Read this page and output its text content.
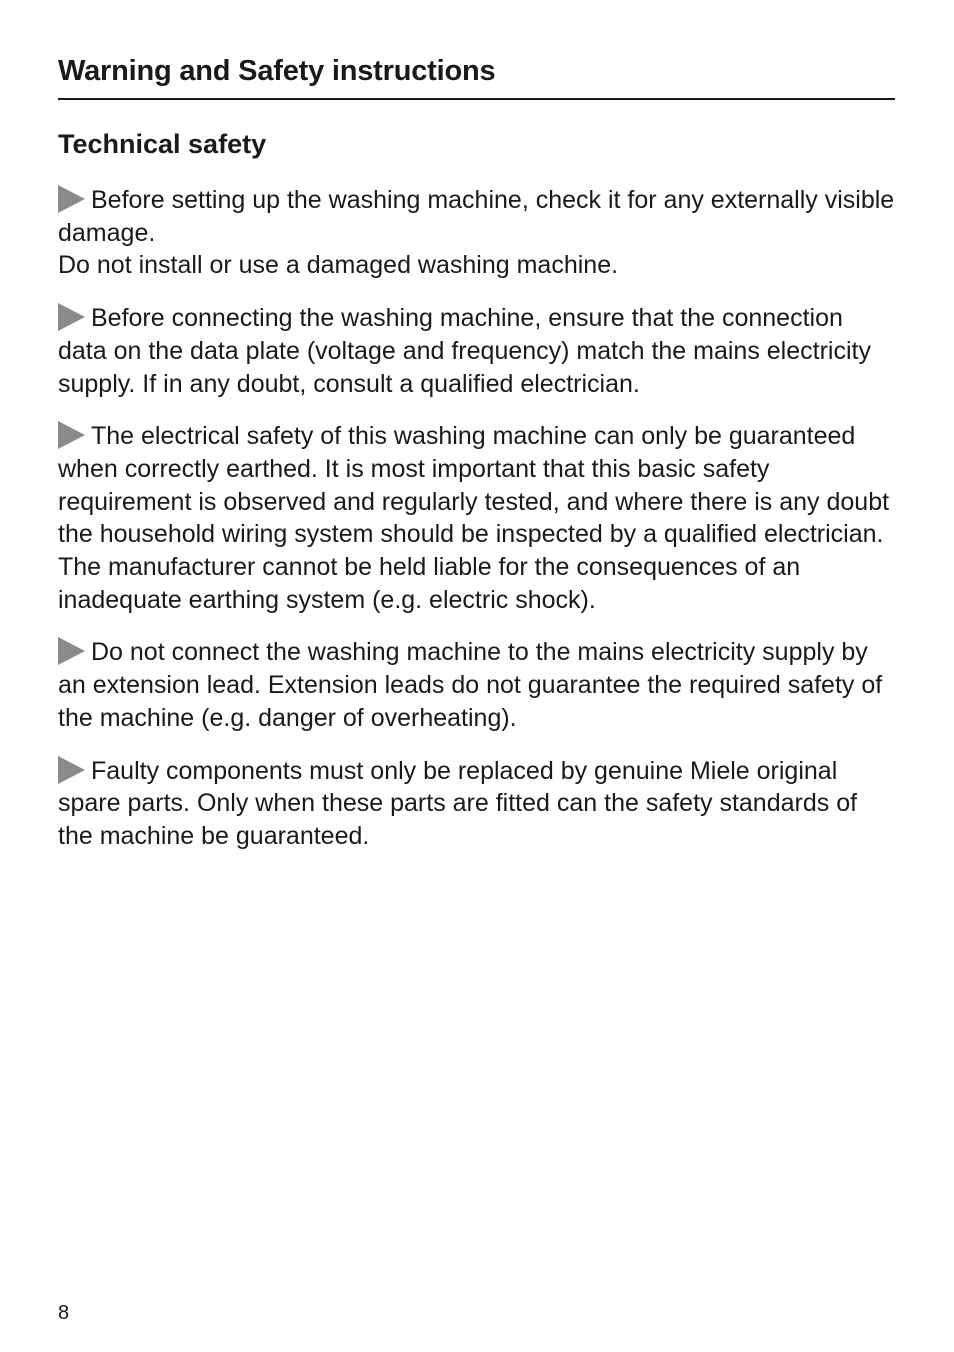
Warning and Safety instructions
Technical safety

Before setting up the washing machine, check it for any externally visible damage.

Do not install or use a damaged washing machine.

Before connecting the washing machine, ensure that the connection data on the data plate (voltage and frequency) match the mains electricity supply. If in any doubt, consult a qualified electrician.

The electrical safety of this washing machine can only be guaranteed when correctly earthed. It is most important that this basic safety requirement is observed and regularly tested, and where there is any doubt the household wiring system should be inspected by a qualified electrician. The manufacturer cannot be held liable for the consequences of an inadequate earthing system (e.g. electric shock).

Do not connect the washing machine to the mains electricity supply by an extension lead. Extension leads do not guarantee the required safety of the machine (e.g. danger of overheating).

Faulty components must only be replaced by genuine Miele original spare parts. Only when these parts are fitted can the safety standards of the machine be guaranteed.

8
